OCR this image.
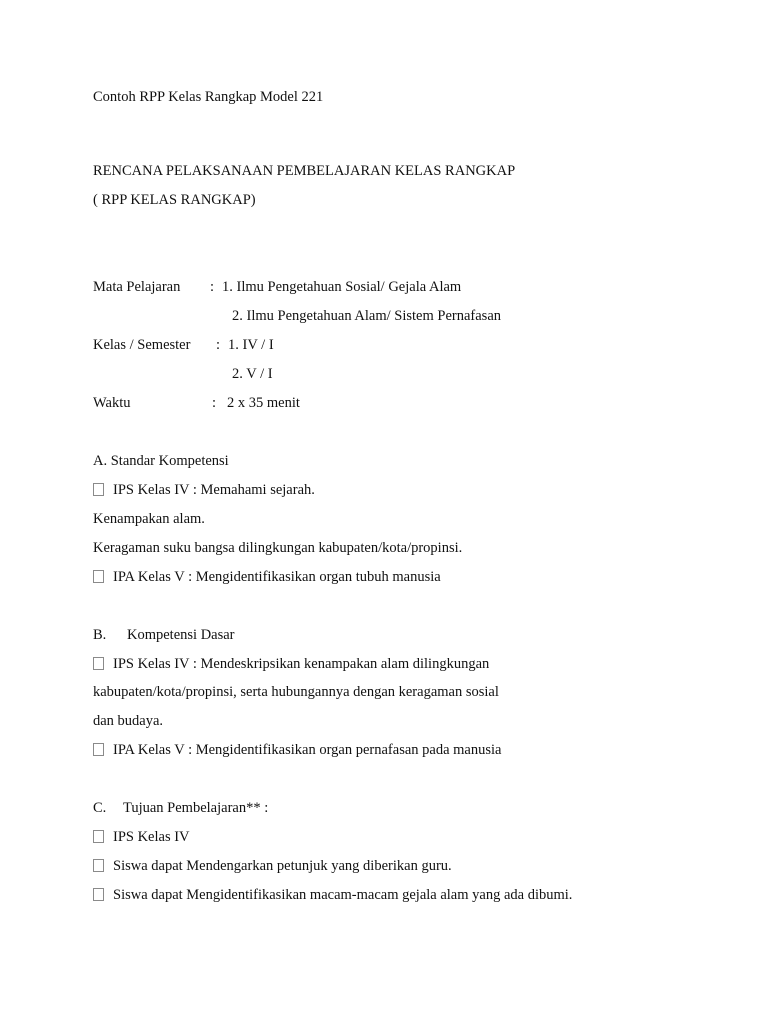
Contoh RPP Kelas Rangkap Model 221
RENCANA PELAKSANAAN PEMBELAJARAN KELAS RANGKAP
( RPP KELAS RANGKAP)
Mata Pelajaran : 1. Ilmu Pengetahuan Sosial/ Gejala Alam
2. Ilmu Pengetahuan Alam/ Sistem Pernafasan
Kelas / Semester : 1. IV / I
2. V / I
Waktu	: 2 x 35 menit
A. Standar Kompetensi
IPS Kelas IV : Memahami sejarah.
Kenampakan alam.
Keragaman suku bangsa dilingkungan kabupaten/kota/propinsi.
IPA Kelas V : Mengidentifikasikan organ tubuh manusia
B. Kompetensi Dasar
IPS Kelas IV : Mendeskripsikan kenampakan alam dilingkungan
kabupaten/kota/propinsi, serta hubungannya dengan keragaman sosial
dan budaya.
IPA Kelas V : Mengidentifikasikan organ pernafasan pada manusia
C. Tujuan Pembelajaran** :
IPS Kelas IV
Siswa dapat Mendengarkan petunjuk yang diberikan guru.
Siswa dapat Mengidentifikasikan macam-macam gejala alam yang ada dibumi.
